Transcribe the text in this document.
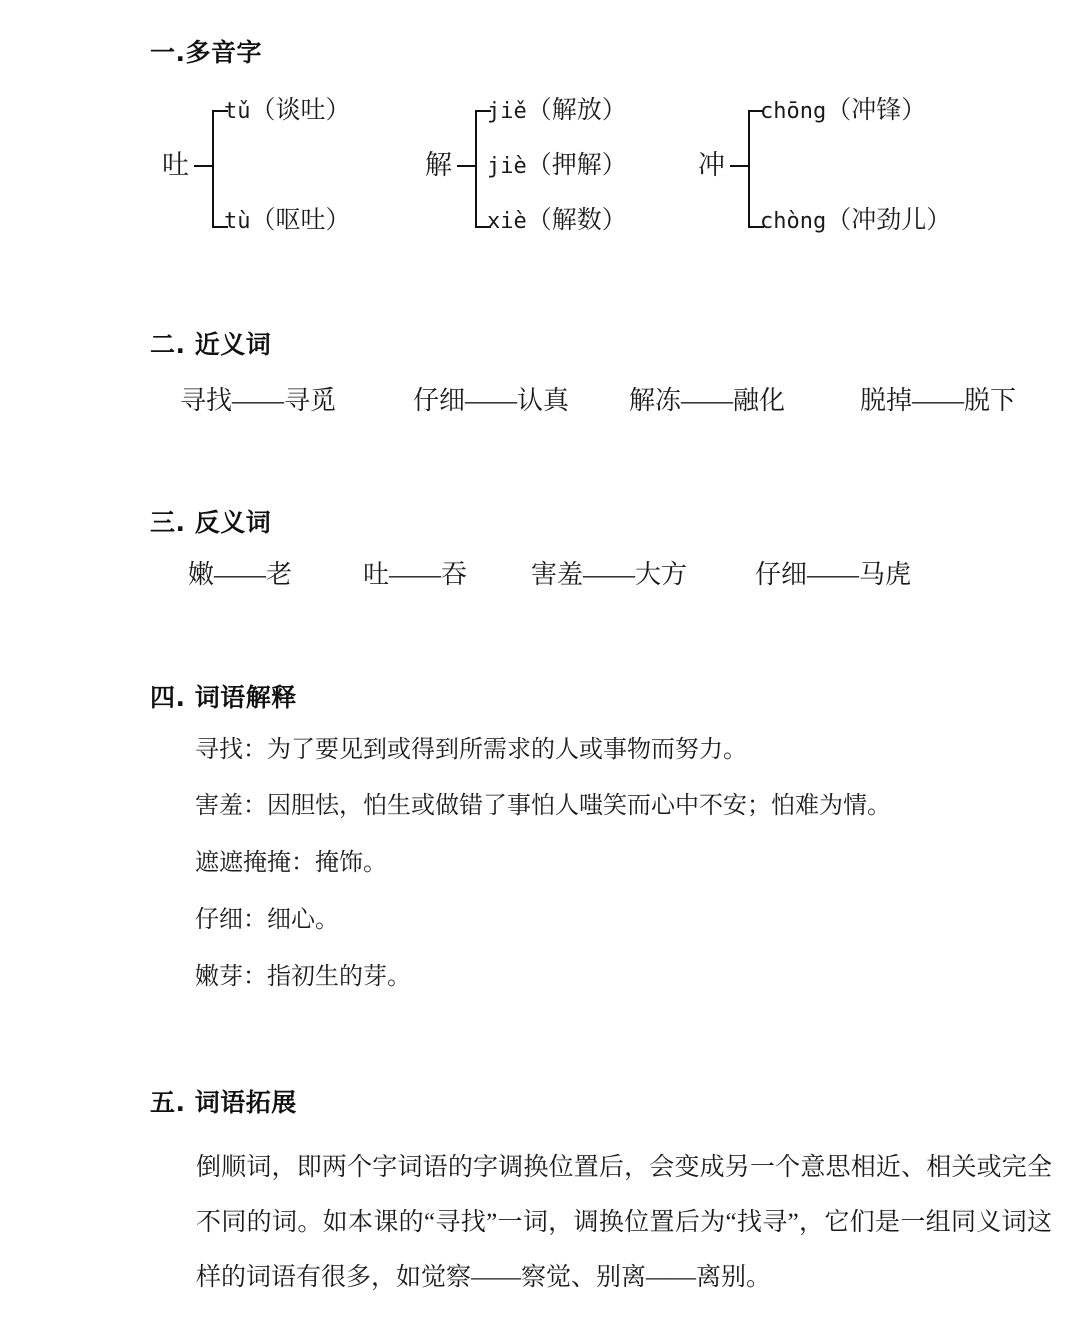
一.多音字
吐
tǔ（谈吐）
tù（呕吐）
解
jiě（解放）
jiè（押解）
xiè（解数）
冲
chōng（冲锋）
chòng（冲劲儿）
二. 近义词
寻找——寻觅	仔细——认真 解冻——融化	脱掉——脱下
三. 反义词
嫩——老	吐——吞 害羞——大方	仔细——马虎
四. 词语解释
寻找：为了要见到或得到所需求的人或事物而努力。
害羞：因胆怯，怕生或做错了事怕人嗤笑而心中不安；怕难为情。
遮遮掩掩：掩饰。
仔细：细心。
嫩芽：指初生的芽。
五. 词语拓展
倒顺词，即两个字词语的字调换位置后，会变成另一个意思相近、相关或完全不同的词。如本课的“寻找”一词，调换位置后为“找寻”，它们是一组同义词这样的词语有很多，如觉察——察觉、别离——离别。
